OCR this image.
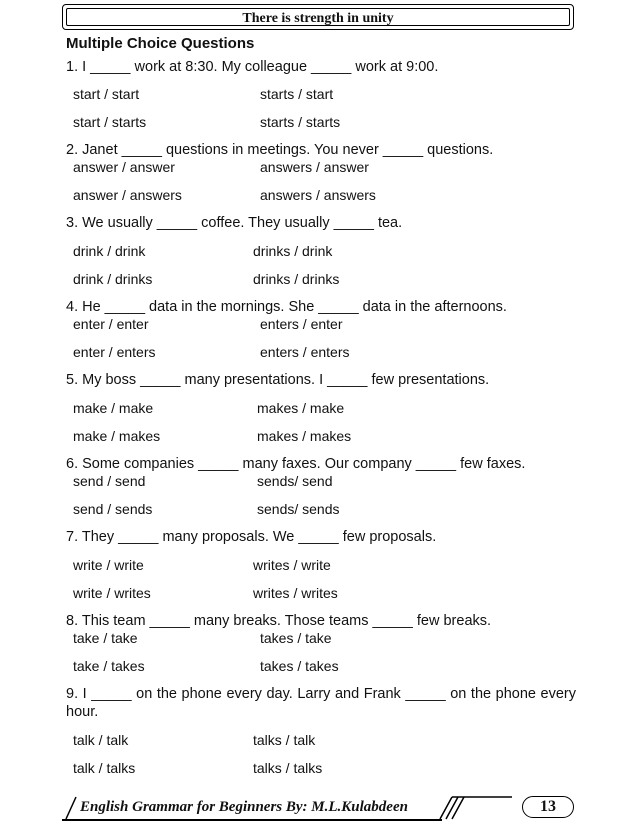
There is strength in unity
Multiple Choice Questions
1. I _____ work at 8:30. My colleague _____ work at 9:00.
start / start	starts / start
start / starts	starts / starts
2. Janet _____ questions in meetings. You never _____ questions.
answer / answer	answers / answer
answer / answers	answers / answers
3. We usually _____ coffee. They usually _____ tea.
drink / drink	drinks / drink
drink / drinks	drinks / drinks
4. He _____ data in the mornings. She _____ data in the afternoons.
enter / enter	enters / enter
enter / enters	enters / enters
5. My boss _____ many presentations. I _____ few presentations.
make / make	makes / make
make / makes	makes / makes
6. Some companies _____ many faxes. Our company _____ few faxes.
send / send	sends/ send
send / sends	sends/ sends
7. They _____ many proposals. We _____ few proposals.
write / write	writes / write
write / writes	writes / writes
8. This team _____ many breaks. Those teams _____ few breaks.
take / take	takes / take
take / takes	takes / takes
9. I _____ on the phone every day. Larry and Frank _____ on the phone every hour.
talk / talk	talks / talk
talk / talks	talks / talks
English Grammar for Beginners By: M.L.Kulabdeen	13
